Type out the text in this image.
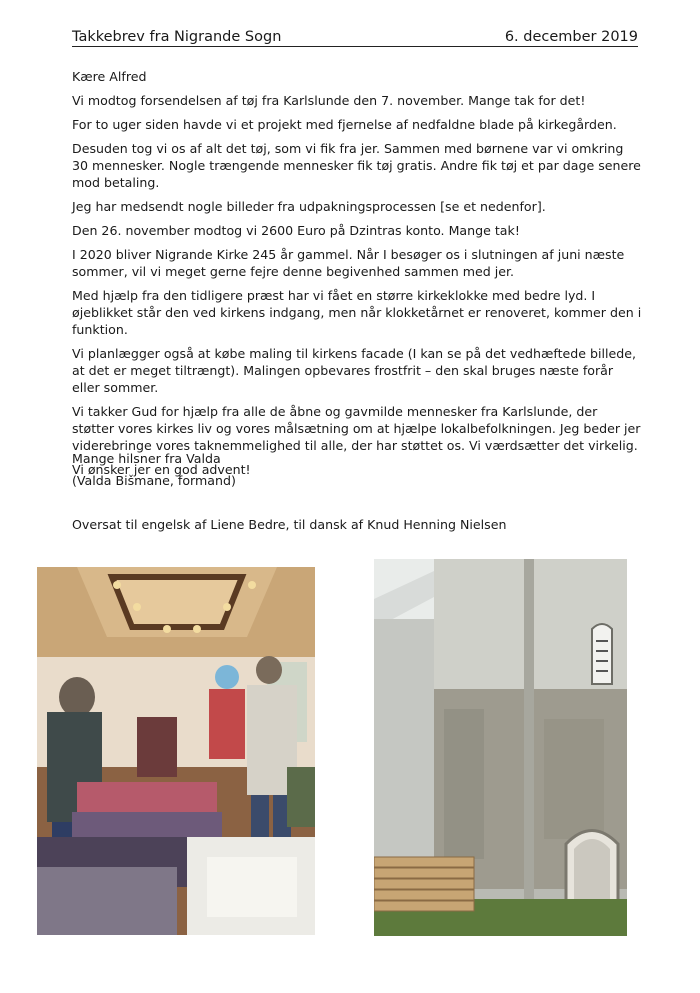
Takkebrev fra Nigrande Sogn	6. december 2019

Kære Alfred

Vi modtog forsendelsen af tøj fra Karlslunde den 7. november. Mange tak for det!

For to uger siden havde vi et projekt med fjernelse af nedfaldne blade på kirkegården.

Desuden tog vi os af alt det tøj, som vi fik fra jer. Sammen med børnene var vi omkring 30 mennesker. Nogle trængende mennesker fik tøj gratis. Andre fik tøj et par dage senere mod betaling.

Jeg har medsendt nogle billeder fra udpakningsprocessen [se et nedenfor].

Den 26. november modtog vi 2600 Euro på Dzintras konto. Mange tak!

I 2020 bliver Nigrande Kirke 245 år gammel. Når I besøger os i slutningen af juni næste sommer, vil vi meget gerne fejre denne begivenhed sammen med jer.

Med hjælp fra den tidligere præst har vi fået en større kirkeklokke med bedre lyd. I øjeblikket står den ved kirkens indgang, men når klokketårnet er renoveret, kommer den i funktion.

Vi planlægger også at købe maling til kirkens facade (I kan se på det vedhæftede billede, at det er meget tiltrængt). Malingen opbevares frostfrit – den skal bruges næste forår eller sommer.

Vi takker Gud for hjælp fra alle de åbne og gavmilde mennesker fra Karlslunde, der støtter vores kirkes liv og vores målsætning om at hjælpe lokalbefolkningen. Jeg beder jer viderebringe vores taknemmelighed til alle, der har støttet os. Vi værdsætter det virkelig.

Vi ønsker jer en god advent!

Mange hilsner fra Valda
(Valda Bišmane, formand)
Oversat til engelsk af Liene Bedre, til dansk af Knud Henning Nielsen
